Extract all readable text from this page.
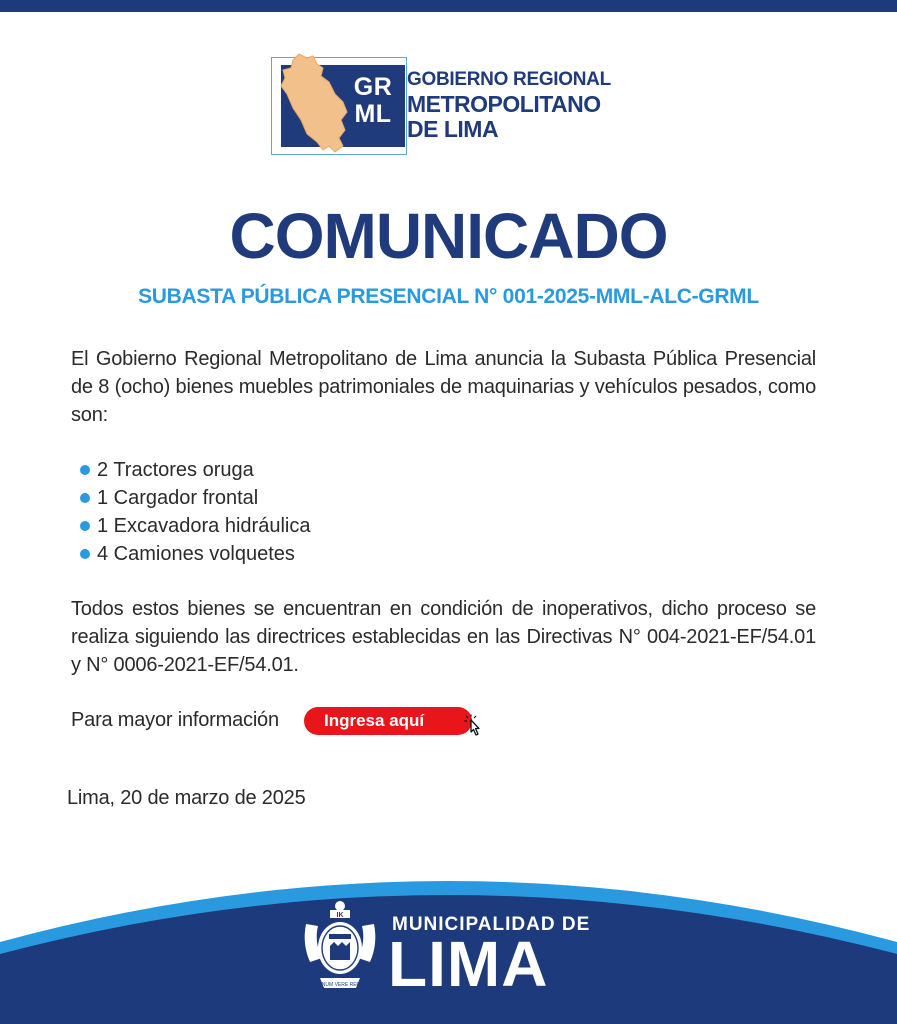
GR
ML
GOBIERNO REGIONAL
METROPOLITANO
DE LIMA
COMUNICADO
SUBASTA PÚBLICA PRESENCIAL N° 001-2025-MML-ALC-GRML
El Gobierno Regional Metropolitano de Lima anuncia la Subasta Pública Presencial de 8 (ocho) bienes muebles patrimoniales de maquinarias y vehículos pesados, como son:
2 Tractores oruga
1 Cargador frontal
1 Excavadora hidráulica
4 Camiones volquetes
Todos estos bienes se encuentran en condición de inoperativos, dicho proceso se realiza siguiendo las directrices establecidas en las Directivas N° 004-2021-EF/54.01 y N° 0006-2021-EF/54.01.
Para mayor información	Ingresa aquí
Lima, 20 de marzo de 2025
IK
HOC SIGNUM VERE REGUM EST
MUNICIPALIDAD DE
LIMA
